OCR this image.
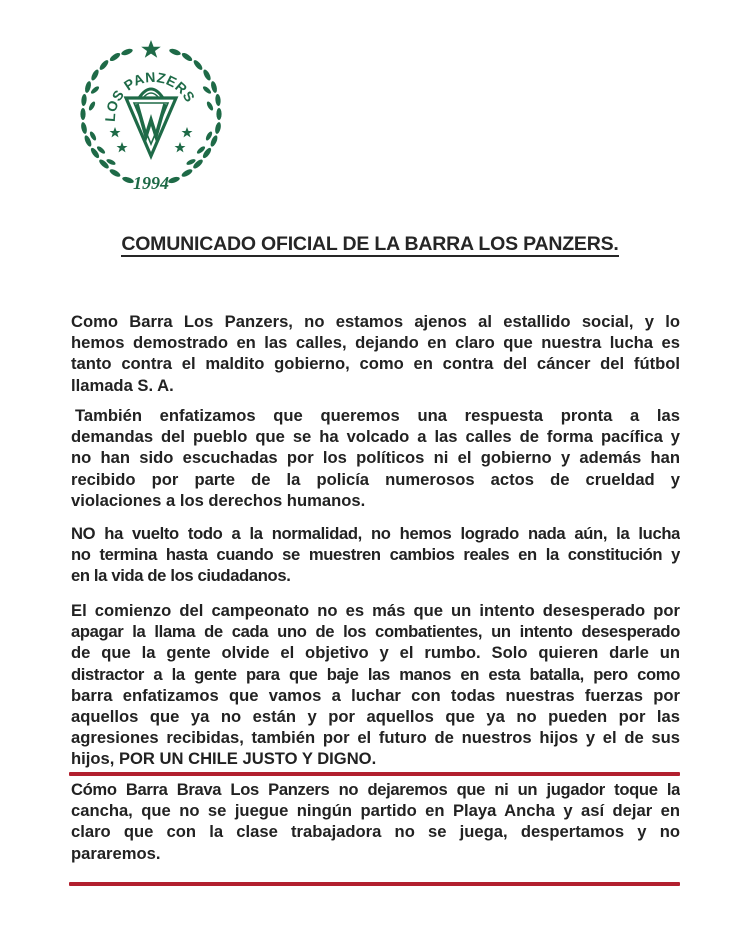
LOS PANZERS
1994
COMUNICADO OFICIAL DE LA BARRA LOS PANZERS.
Como Barra Los Panzers, no estamos ajenos al estallido social, y lo
hemos demostrado en las calles, dejando en claro que nuestra lucha es
tanto contra el maldito gobierno, como en contra del cáncer del fútbol
llamada S. A.
También enfatizamos que queremos una respuesta pronta a las
demandas del pueblo que se ha volcado a las calles de forma pacífica y
no han sido escuchadas por los políticos ni el gobierno y además han
recibido por parte de la policía numerosos actos de crueldad y
violaciones a los derechos humanos.
NO ha vuelto todo a la normalidad, no hemos logrado nada aún, la lucha
no termina hasta cuando se muestren cambios reales en la constitución y
en la vida de los ciudadanos.
El comienzo del campeonato no es más que un intento desesperado por
apagar la llama de cada uno de los combatientes, un intento desesperado
de que la gente olvide el objetivo y el rumbo. Solo quieren darle un
distractor a la gente para que baje las manos en esta batalla, pero como
barra enfatizamos que vamos a luchar con todas nuestras fuerzas por
aquellos que ya no están y por aquellos que ya no pueden por las
agresiones recibidas, también por el futuro de nuestros hijos y el de sus
hijos, POR UN CHILE JUSTO Y DIGNO.
Cómo Barra Brava Los Panzers no dejaremos que ni un jugador toque la
cancha, que no se juegue ningún partido en Playa Ancha y así dejar en
claro que con la clase trabajadora no se juega, despertamos y no
pararemos.
